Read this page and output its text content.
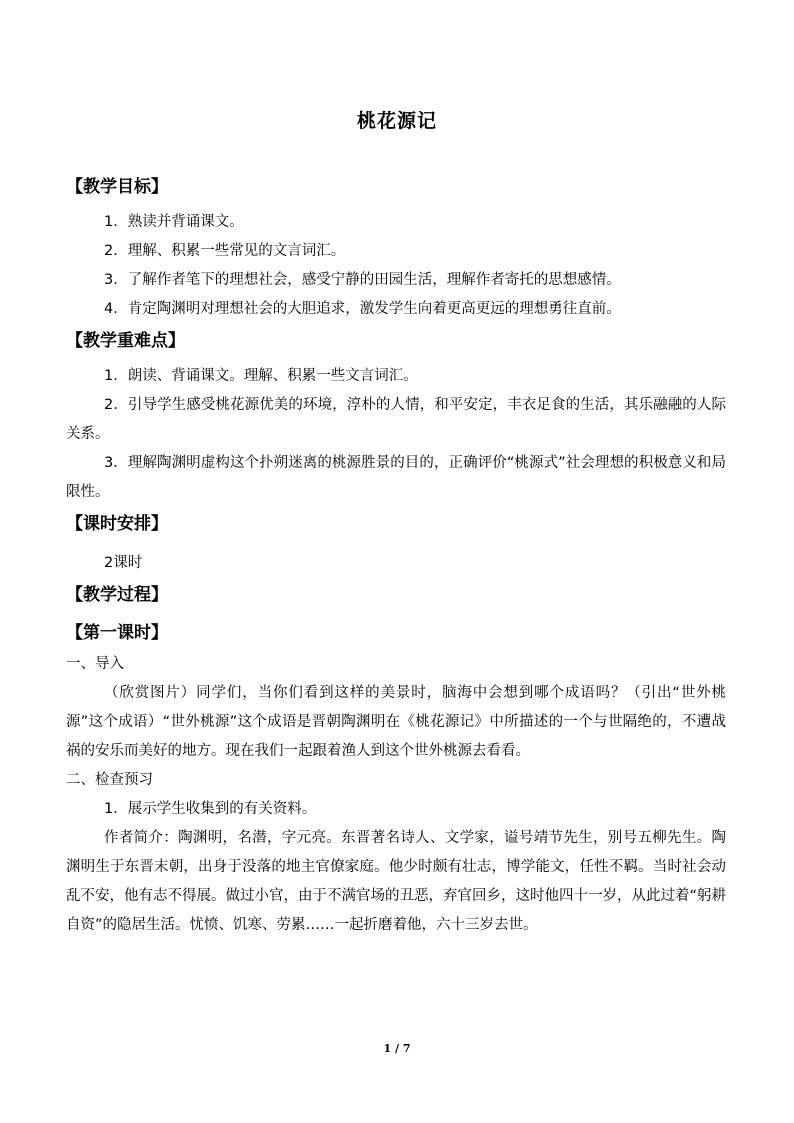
桃花源记
【教学目标】
1．熟读并背诵课文。
2．理解、积累一些常见的文言词汇。
3．了解作者笔下的理想社会，感受宁静的田园生活，理解作者寄托的思想感情。
4．肯定陶渊明对理想社会的大胆追求，激发学生向着更高更远的理想勇往直前。
【教学重难点】
1．朗读、背诵课文。理解、积累一些文言词汇。
2．引导学生感受桃花源优美的环境，淳朴的人情，和平安定，丰衣足食的生活，其乐融融的人际关系。
3．理解陶渊明虚构这个扑朔迷离的桃源胜景的目的，正确评价“桃源式”社会理想的积极意义和局限性。
【课时安排】
2课时
【教学过程】
【第一课时】
一、导入
（欣赏图片）同学们，当你们看到这样的美景时，脑海中会想到哪个成语吗？（引出“世外桃源”这个成语）“世外桃源”这个成语是晋朝陶渊明在《桃花源记》中所描述的一个与世隔绝的，不遭战祸的安乐而美好的地方。现在我们一起跟着渔人到这个世外桃源去看看。
二、检查预习
1．展示学生收集到的有关资料。
作者简介：陶渊明，名潜，字元亮。东晋著名诗人、文学家，谥号靖节先生，别号五柳先生。陶渊明生于东晋末朝，出身于没落的地主官僚家庭。他少时颇有壮志，博学能文，任性不羁。当时社会动乱不安，他有志不得展。做过小官，由于不满官场的丑恶，弃官回乡，这时他四十一岁，从此过着“躬耕自资”的隐居生活。忧愤、饥寒、劳累……一起折磨着他，六十三岁去世。
1 / 7
